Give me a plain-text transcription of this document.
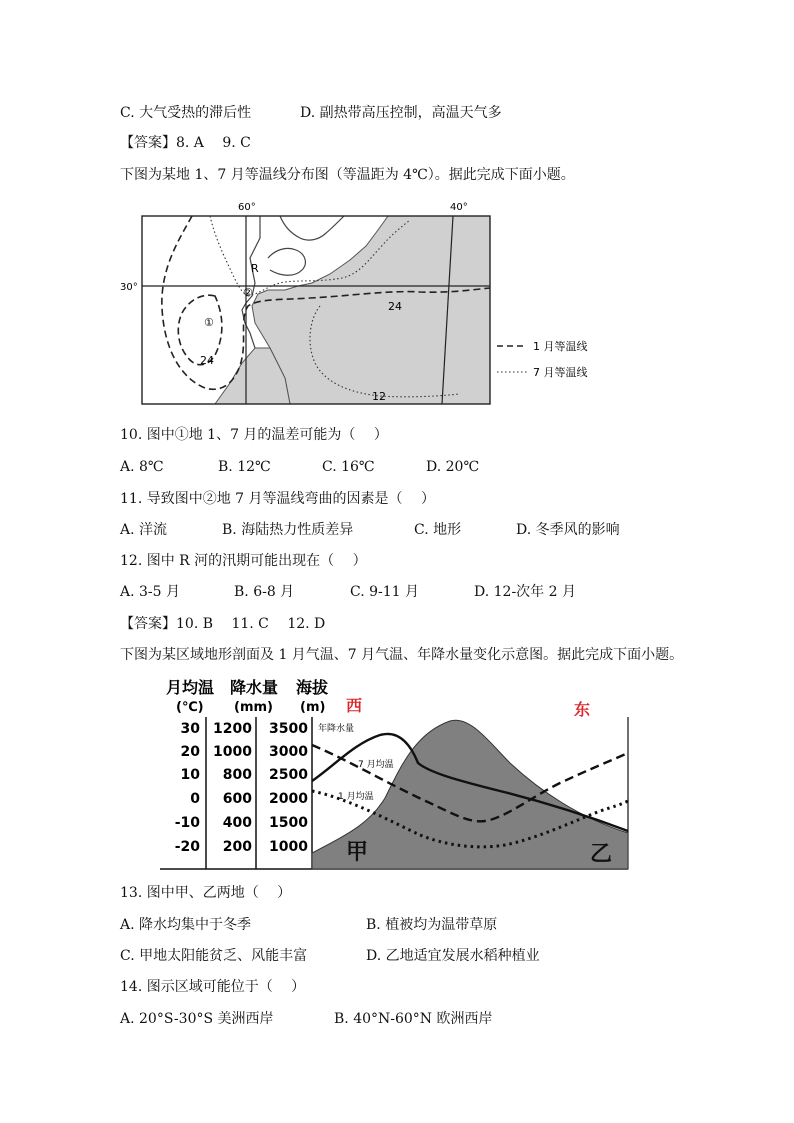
C. 大气受热的滞后性	D. 副热带高压控制，高温天气多
【答案】8. A　 9. C
下图为某地 1、7 月等温线分布图（等温距为 4℃）。据此完成下面小题。
60°	40°
30°
R
②
①
24
24
12
1 月等温线
7 月等温线
10. 图中①地 1、7 月的温差可能为（　 ）
A. 8℃	B. 12℃	C. 16℃	D. 20℃
11. 导致图中②地 7 月等温线弯曲的因素是（　 ）
A. 洋流	B. 海陆热力性质差异	C. 地形	D. 冬季风的影响
12. 图中 R 河的汛期可能出现在（　 ）
A. 3-5 月	B. 6-8 月	C. 9-11 月	D. 12-次年 2 月
【答案】10. B　 11. C　 12. D
下图为某区域地形剖面及 1 月气温、7 月气温、年降水量变化示意图。据此完成下面小题。
月均温 降水量 海拔
(℃) (mm) (m)
30
20
10
0
-10
-20
1200
1000
800
600
400
200
3500
3000
2500
2000
1500
1000
西	东
年降水量
7 月均温
1 月均温
甲	乙
13. 图中甲、乙两地（　 ）
A. 降水均集中于冬季	B. 植被均为温带草原
C. 甲地太阳能贫乏、风能丰富	D. 乙地适宜发展水稻种植业
14. 图示区域可能位于（　 ）
A. 20°S-30°S 美洲西岸	B. 40°N-60°N 欧洲西岸
